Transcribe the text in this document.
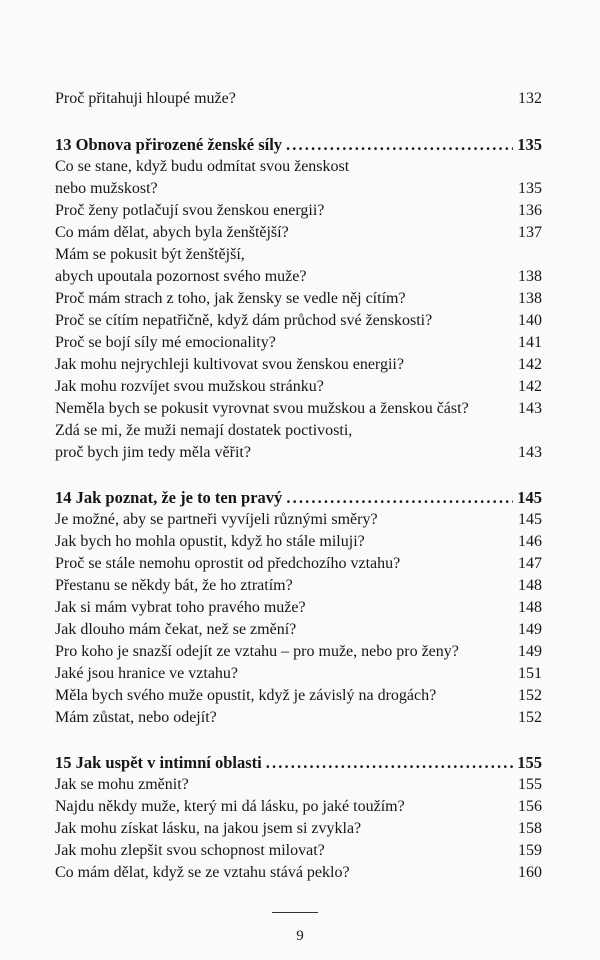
Proč přitahuji hloupé muže?	132
13 Obnova přirozené ženské síly . . .	135
Co se stane, když budu odmítat svou ženskost
nebo mužskost?	135
Proč ženy potlačují svou ženskou energii?	136
Co mám dělat, abych byla ženštější?	137
Mám se pokusit být ženštější,
abych upoutala pozornost svého muže?	138
Proč mám strach z toho, jak žensky se vedle něj cítím?	138
Proč se cítím nepatřičně, když dám průchod své ženskosti?	140
Proč se bojí síly mé emocionality?	141
Jak mohu nejrychleji kultivovat svou ženskou energii?	142
Jak mohu rozvíjet svou mužskou stránku?	142
Neměla bych se pokusit vyrovnat svou mužskou a ženskou část?	143
Zdá se mi, že muži nemají dostatek poctivosti,
proč bych jim tedy měla věřit?	143
14 Jak poznat, že je to ten pravý . . .	145
Je možné, aby se partneři vyvíjeli různými směry?	145
Jak bych ho mohla opustit, když ho stále miluji?	146
Proč se stále nemohu oprostit od předchozího vztahu?	147
Přestanu se někdy bát, že ho ztratím?	148
Jak si mám vybrat toho pravého muže?	148
Jak dlouho mám čekat, než se změní?	149
Pro koho je snazší odejít ze vztahu – pro muže, nebo pro ženy?	149
Jaké jsou hranice ve vztahu?	151
Měla bych svého muže opustit, když je závislý na drogách?	152
Mám zůstat, nebo odejít?	152
15 Jak uspět v intimní oblasti . . .	155
Jak se mohu změnit?	155
Najdu někdy muže, který mi dá lásku, po jaké toužím?	156
Jak mohu získat lásku, na jakou jsem si zvykla?	158
Jak mohu zlepšit svou schopnost milovat?	159
Co mám dělat, když se ze vztahu stává peklo?	160
9
